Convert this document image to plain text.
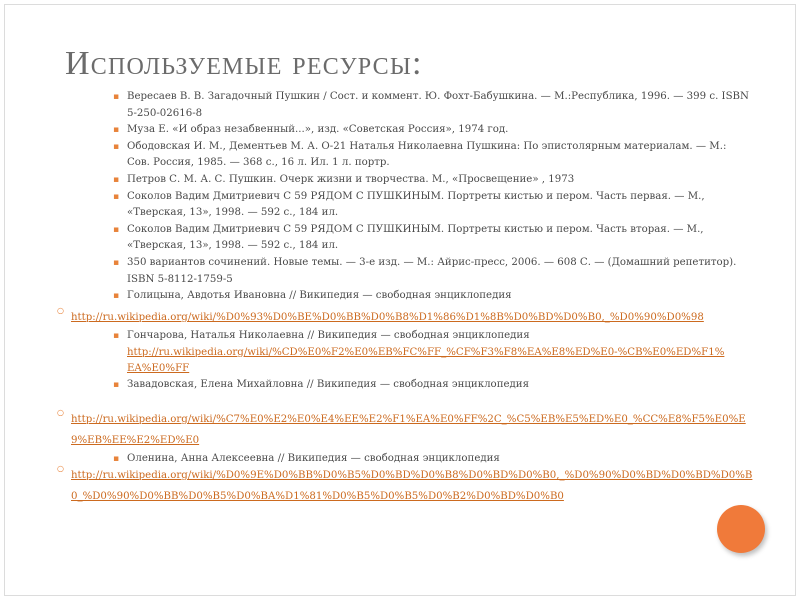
Используемые ресурсы:
▪ Вересаев В. В. Загадочный Пушкин / Сост. и коммент. Ю. Фохт-Бабушкина. — М.:Республика, 1996. — 399 с. ISBN 5-250-02616-8
▪ Муза Е. «И образ незабвенный...», изд. «Советская Россия», 1974 год.
▪ Ободовская И. М., Дементьев М. А. О-21 Наталья Николаевна Пушкина: По эпистолярным материалам. — М.: Сов. Россия, 1985. — 368 с., 16 л. Ил. 1 л. портр.
▪ Петров С. М. А. С. Пушкин. Очерк жизни и творчества. М., «Просвещение» , 1973
▪ Соколов Вадим Дмитриевич С 59 РЯДОМ С ПУШКИНЫМ. Портреты кистью и пером. Часть первая. — М., «Тверская, 13», 1998. — 592 с., 184 ил.
▪ Соколов Вадим Дмитриевич С 59 РЯДОМ С ПУШКИНЫМ. Портреты кистью и пером. Часть вторая. — М., «Тверская, 13», 1998. — 592 с., 184 ил.
▪ 350 вариантов сочинений. Новые темы. — 3-е изд. — М.: Айрис-пресс, 2006. — 608 С. — (Домашний репетитор). ISBN 5-8112-1759-5
▪ Голицына, Авдотья Ивановна // Википедия — свободная энциклопедия
○
http://ru.wikipedia.org/wiki/%D0%93%D0%BE%D0%BB%D0%B8%D1%86%D1%8B%D0%BD%D0%B0,_%D0%90%D0%98
▪ Гончарова, Наталья Николаевна // Википедия — свободная энциклопедия
http://ru.wikipedia.org/wiki/%CD%E0%F2%E0%EB%FC%FF_%CF%F3%F8%EA%E8%ED%E0-%CB%E0%ED%F1%EA%E0%FF
▪ Завадовская, Елена Михайловна // Википедия — свободная энциклопедия
○
http://ru.wikipedia.org/wiki/%C7%E0%E2%E0%E4%EE%E2%F1%EA%E0%FF%2C_%C5%EB%E5%ED%E0_%CC%E8%F5%E0%E9%EB%EE%E2%ED%E0
▪ Оленина, Анна Алексеевна // Википедия — свободная энциклопедия
○
http://ru.wikipedia.org/wiki/%D0%9E%D0%BB%D0%B5%D0%BD%D0%B8%D0%BD%D0%B0,_%D0%90%D0%BD%D0%BD%D0%B0_%D0%90%D0%BB%D0%B5%D0%BA%D1%81%D0%B5%D0%B5%D0%B2%D0%BD%D0%B0
